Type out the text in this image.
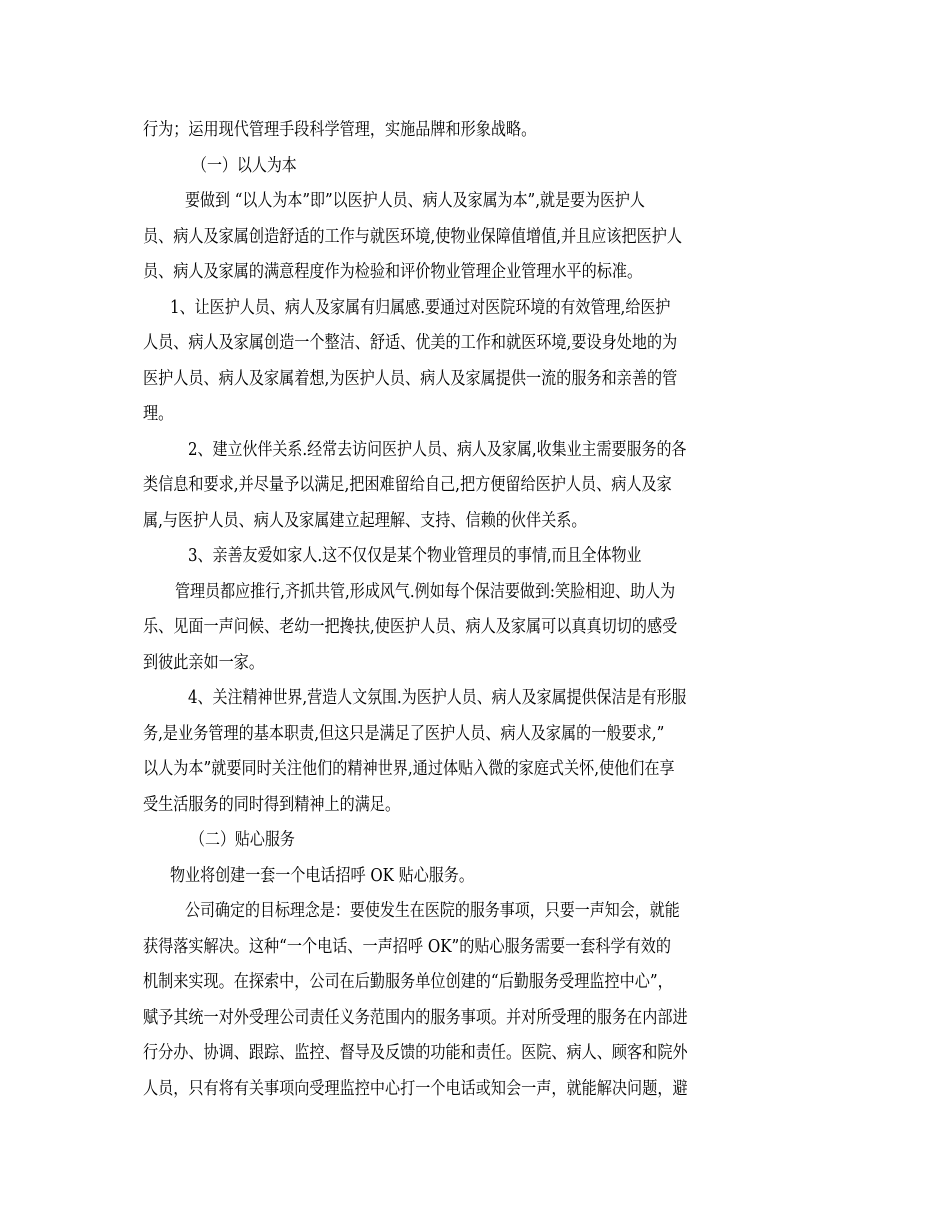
行为；运用现代管理手段科学管理，实施品牌和形象战略。
（一）以人为本
要做到 “以人为本”即”以医护人员、病人及家属为本”,就是要为医护人
员、病人及家属创造舒适的工作与就医环境,使物业保障值增值,并且应该把医护人
员、病人及家属的满意程度作为检验和评价物业管理企业管理水平的标准。
1、让医护人员、病人及家属有归属感.要通过对医院环境的有效管理,给医护
人员、病人及家属创造一个整洁、舒适、优美的工作和就医环境,要设身处地的为
医护人员、病人及家属着想,为医护人员、病人及家属提供一流的服务和亲善的管
理。
2、建立伙伴关系.经常去访问医护人员、病人及家属,收集业主需要服务的各
类信息和要求,并尽量予以满足,把困难留给自己,把方便留给医护人员、病人及家
属,与医护人员、病人及家属建立起理解、支持、信赖的伙伴关系。
3、亲善友爱如家人.这不仅仅是某个物业管理员的事情,而且全体物业
管理员都应推行,齐抓共管,形成风气.例如每个保洁要做到:笑脸相迎、助人为
乐、见面一声问候、老幼一把搀扶,使医护人员、病人及家属可以真真切切的感受
到彼此亲如一家。
4、关注精神世界,营造人文氛围.为医护人员、病人及家属提供保洁是有形服
务,是业务管理的基本职责,但这只是满足了医护人员、病人及家属的一般要求,”
以人为本”就要同时关注他们的精神世界,通过体贴入微的家庭式关怀,使他们在享
受生活服务的同时得到精神上的满足。
（二）贴心服务
物业将创建一套一个电话招呼 OK 贴心服务。
公司确定的目标理念是：要使发生在医院的服务事项，只要一声知会，就能
获得落实解决。这种“一个电话、一声招呼 OK”的贴心服务需要一套科学有效的
机制来实现。在探索中，公司在后勤服务单位创建的“后勤服务受理监控中心”，
赋予其统一对外受理公司责任义务范围内的服务事项。并对所受理的服务在内部进
行分办、协调、跟踪、监控、督导及反馈的功能和责任。医院、病人、顾客和院外
人员，只有将有关事项向受理监控中心打一个电话或知会一声，就能解决问题，避
